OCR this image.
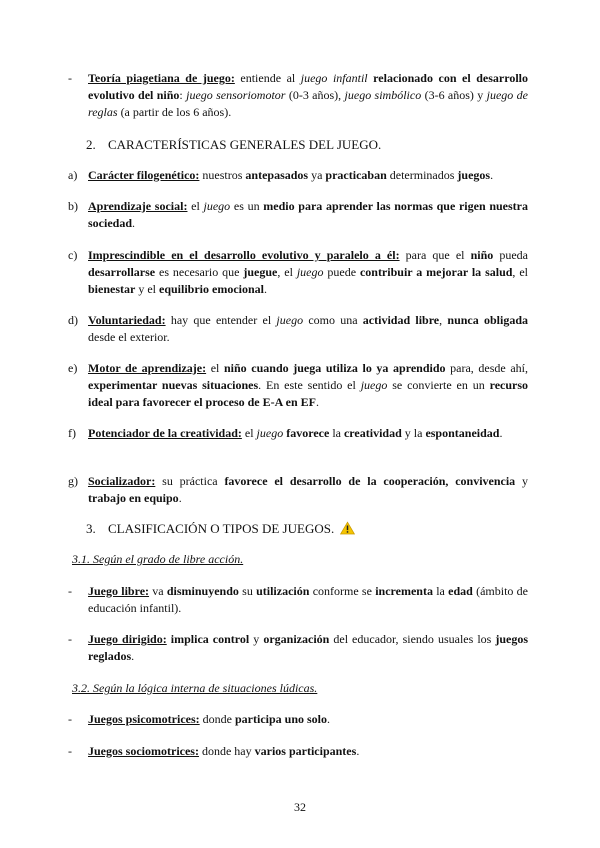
- Teoría piagetiana de juego: entiende al juego infantil relacionado con el desarrollo evolutivo del niño: juego sensoriomotor (0-3 años), juego simbólico (3-6 años) y juego de reglas (a partir de los 6 años).
2. CARACTERÍSTICAS GENERALES DEL JUEGO.
a) Carácter filogenético: nuestros antepasados ya practicaban determinados juegos.
b) Aprendizaje social: el juego es un medio para aprender las normas que rigen nuestra sociedad.
c) Imprescindible en el desarrollo evolutivo y paralelo a él: para que el niño pueda desarrollarse es necesario que juegue, el juego puede contribuir a mejorar la salud, el bienestar y el equilibrio emocional.
d) Voluntariedad: hay que entender el juego como una actividad libre, nunca obligada desde el exterior.
e) Motor de aprendizaje: el niño cuando juega utiliza lo ya aprendido para, desde ahí, experimentar nuevas situaciones. En este sentido el juego se convierte en un recurso ideal para favorecer el proceso de E-A en EF.
f) Potenciador de la creatividad: el juego favorece la creatividad y la espontaneidad.
g) Socializador: su práctica favorece el desarrollo de la cooperación, convivencia y trabajo en equipo.
3. CLASIFICACIÓN O TIPOS DE JUEGOS.
3.1. Según el grado de libre acción.
- Juego libre: va disminuyendo su utilización conforme se incrementa la edad (ámbito de educación infantil).
- Juego dirigido: implica control y organización del educador, siendo usuales los juegos reglados.
3.2. Según la lógica interna de situaciones lúdicas.
- Juegos psicomotrices: donde participa uno solo.
- Juegos sociomotrices: donde hay varios participantes.
32
